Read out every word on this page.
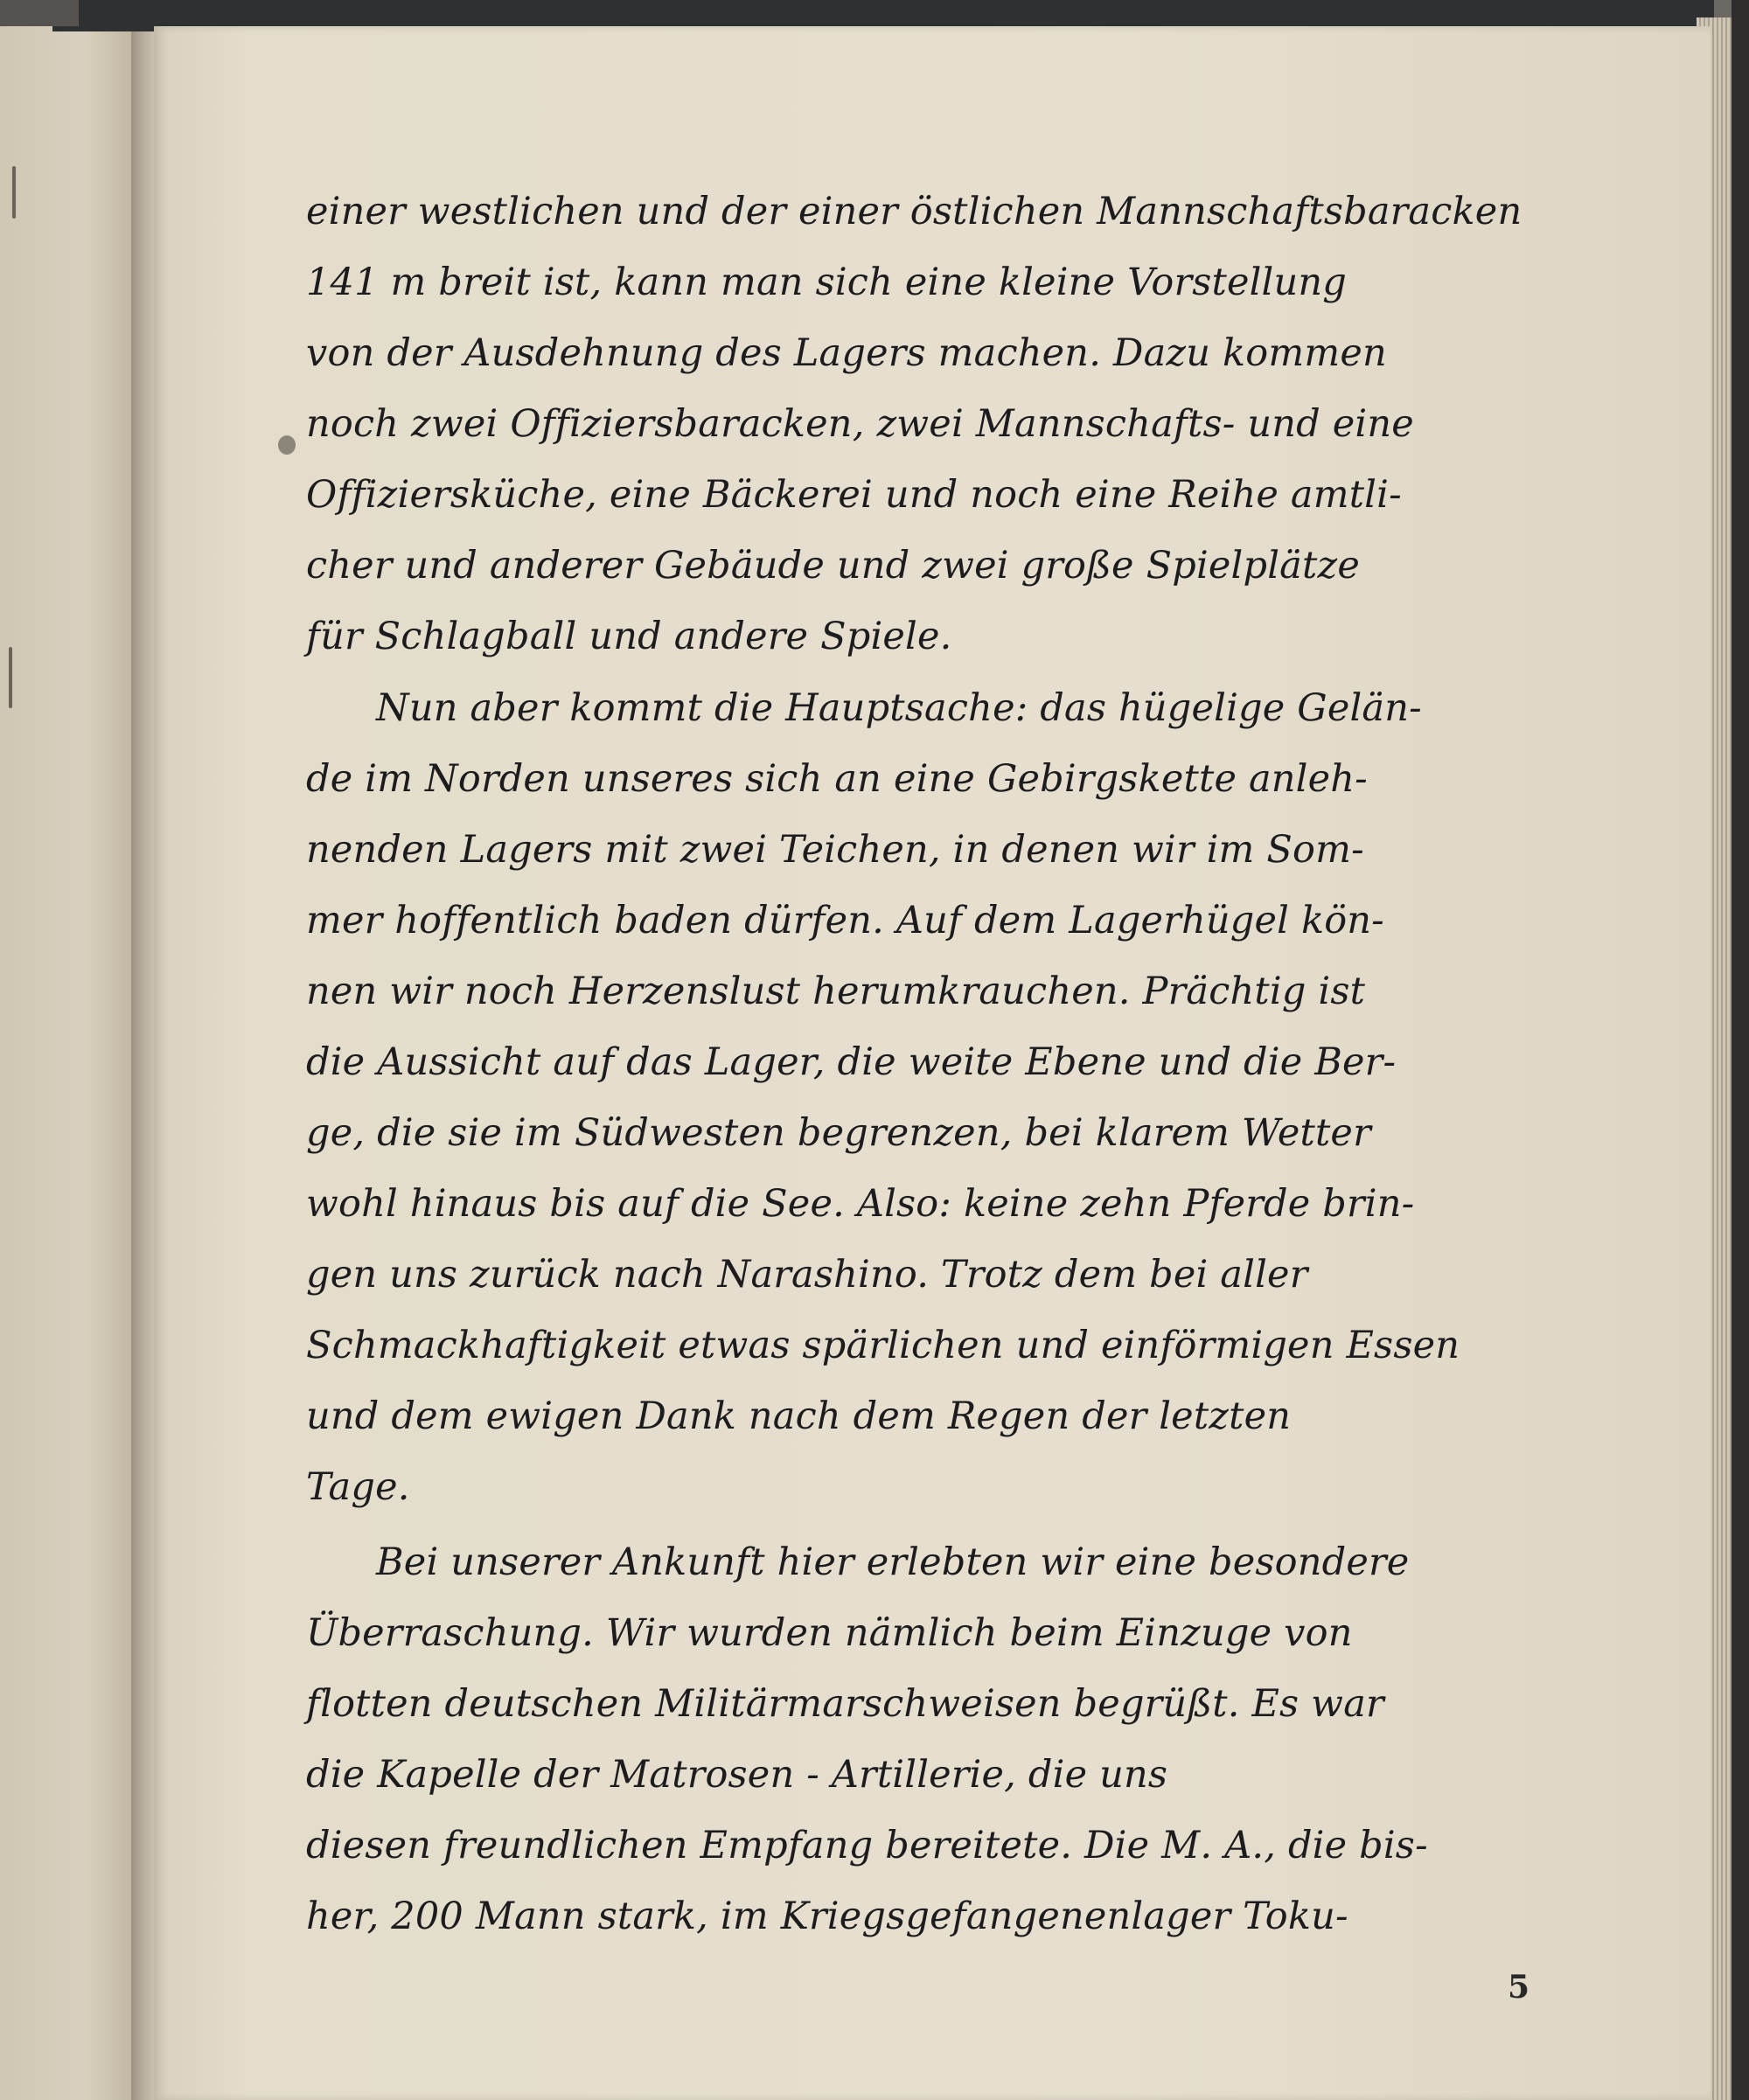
einer westlichen und der einer östlichen Mannschaftsbaracken
141 m breit ist, kann man sich eine kleine Vorstellung
von der Ausdehnung des Lagers machen. Dazu kommen
noch zwei Offiziersbaracken, zwei Mannschafts- und eine
Offiziersküche, eine Bäckerei und noch eine Reihe amtli-
cher und anderer Gebäude und zwei große Spielplätze
für Schlagball und andere Spiele.
Nun aber kommt die Hauptsache: das hügelige Gelän-
de im Norden unseres sich an eine Gebirgskette anleh-
nenden Lagers mit zwei Teichen, in denen wir im Som-
mer hoffentlich baden dürfen. Auf dem Lagerhügel kön-
nen wir noch Herzenslust herumkrauchen. Prächtig ist
die Aussicht auf das Lager, die weite Ebene und die Ber-
ge, die sie im Südwesten begrenzen, bei klarem Wetter
wohl hinaus bis auf die See. Also: keine zehn Pferde brin-
gen uns zurück nach Narashino. Trotz dem bei aller
Schmackhaftigkeit etwas spärlichen und einförmigen Essen
und dem ewigen Dank nach dem Regen der letzten
Tage.
Bei unserer Ankunft hier erlebten wir eine besondere
Überraschung. Wir wurden nämlich beim Einzuge von
flotten deutschen Militärmarschweisen begrüßt. Es war
die Kapelle der Matrosen - Artillerie, die uns
diesen freundlichen Empfang bereitete. Die M. A., die bis-
her, 200 Mann stark, im Kriegsgefangenenlager Toku-
5
